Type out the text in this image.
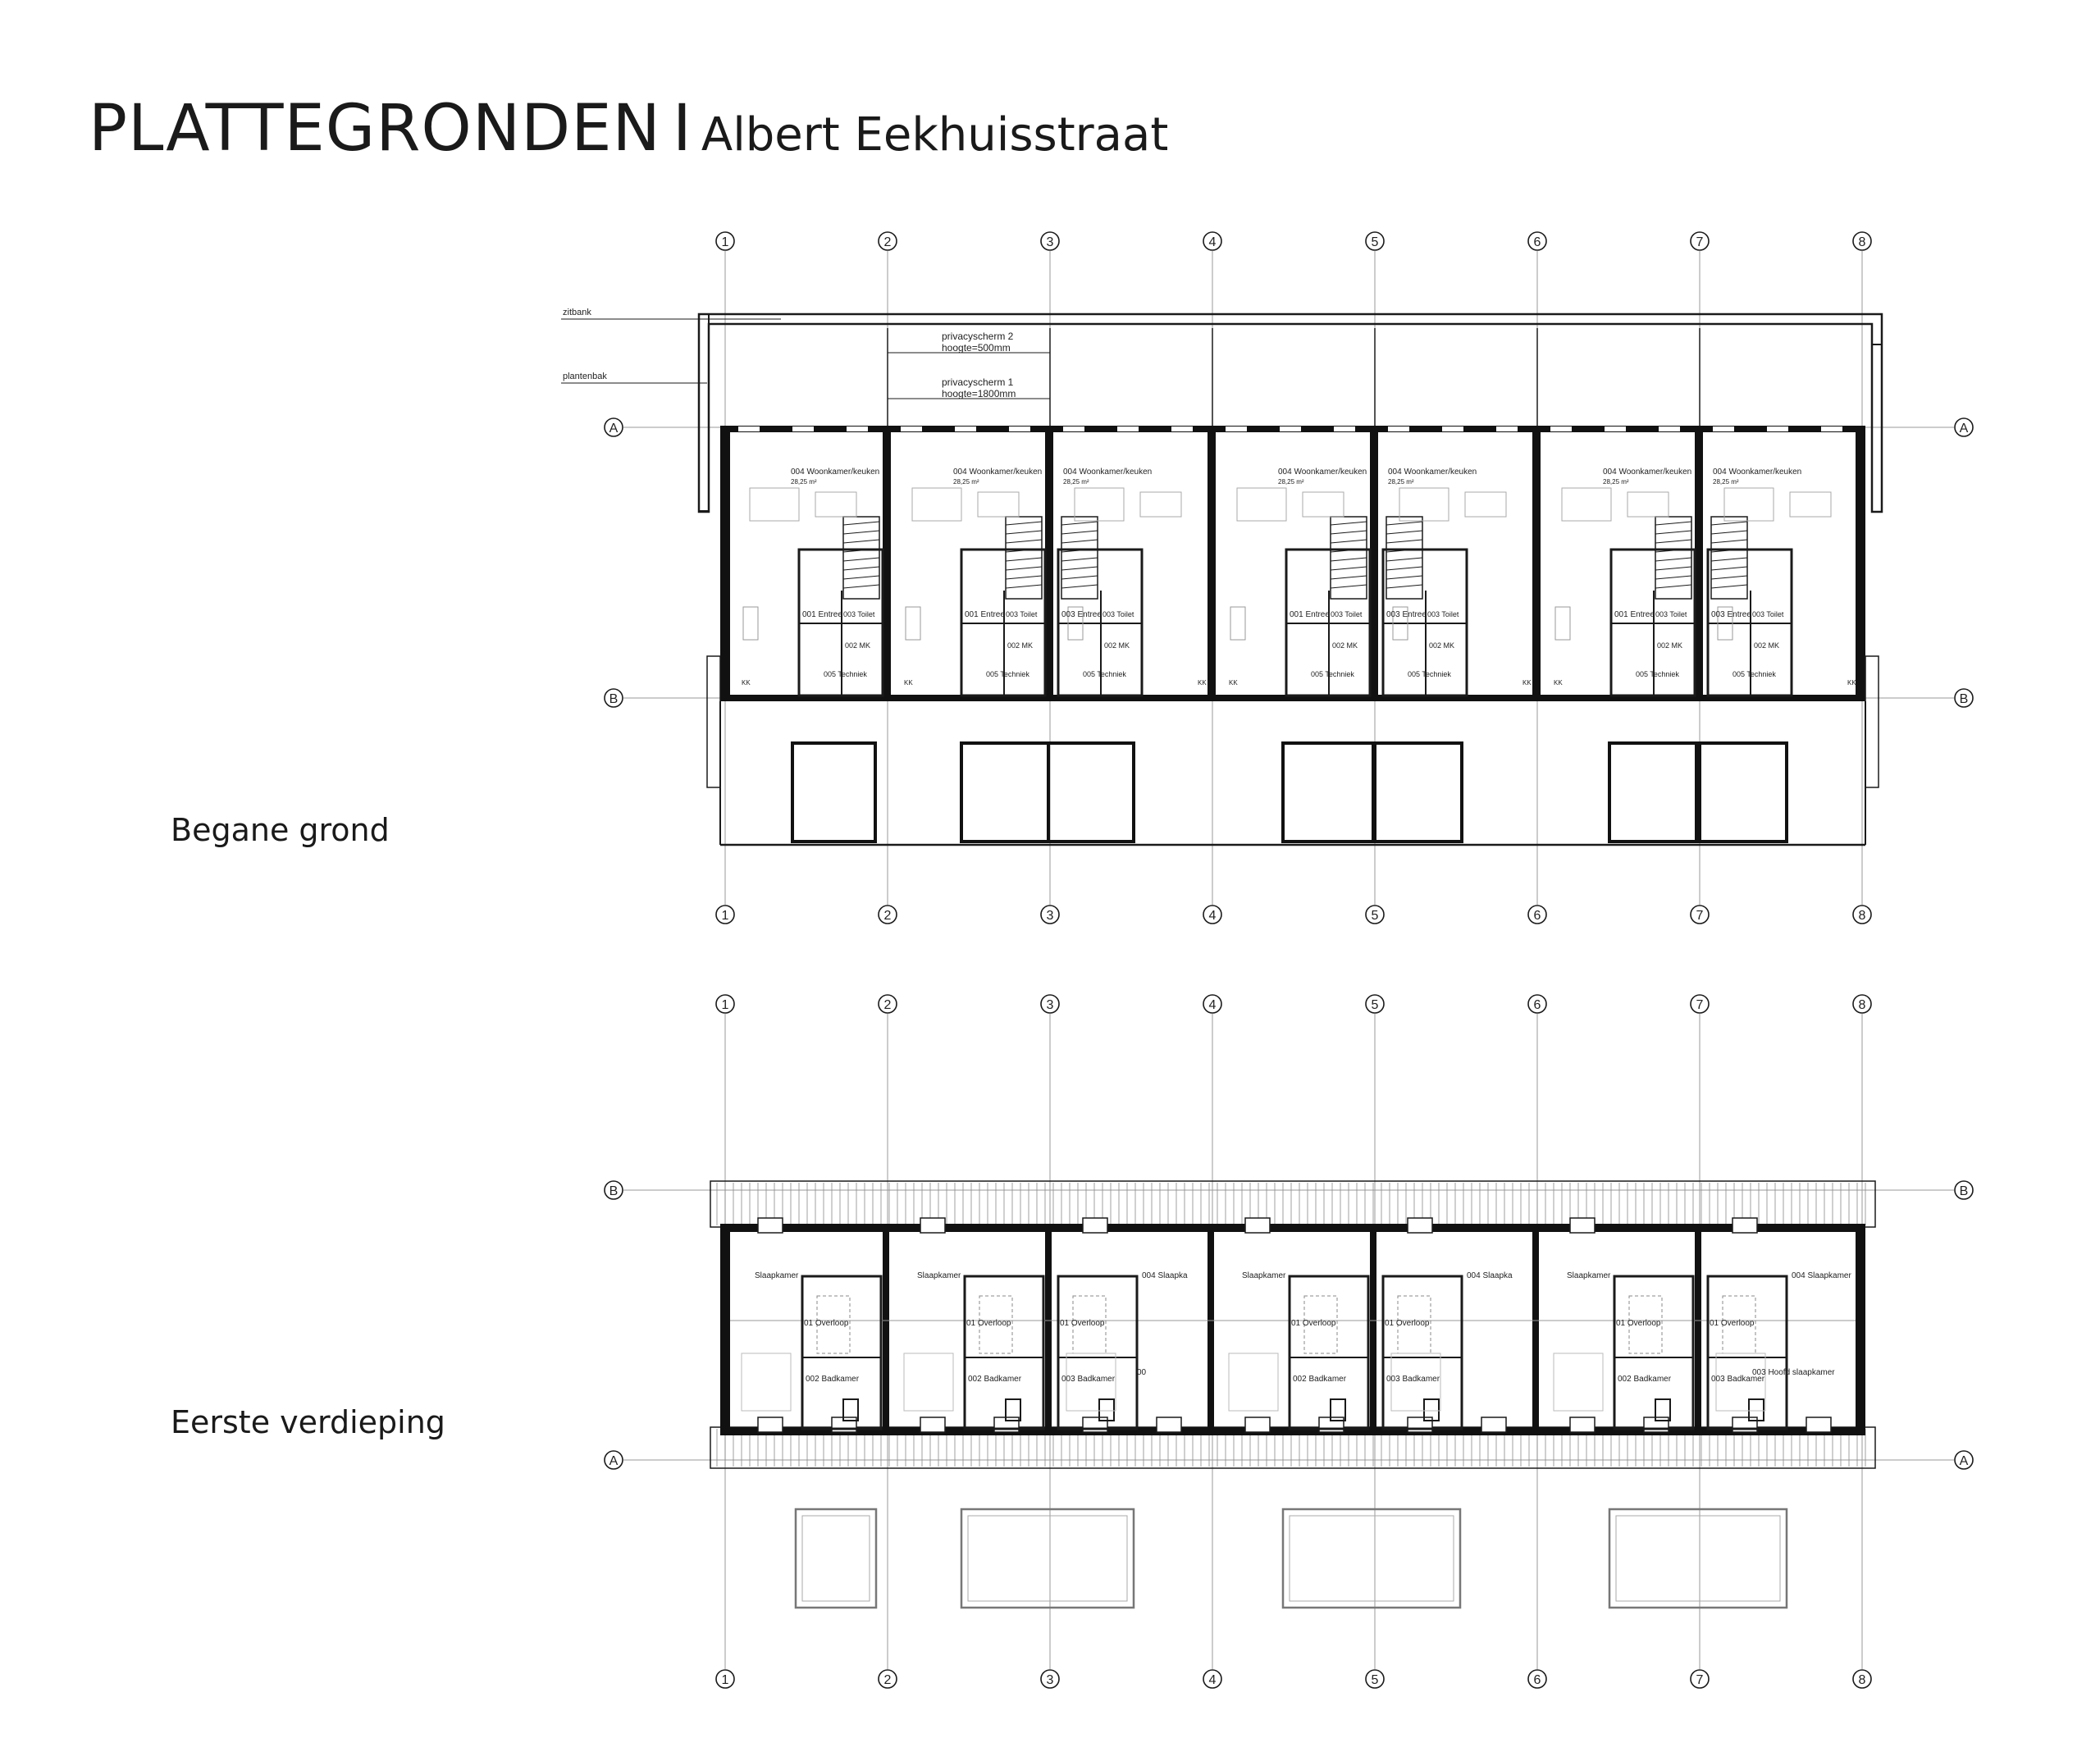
PLATTEGRONDEN I Albert Eekhuisstraat
Begane grond
Eerste verdieping
A	A
B	B
B	B
A	A
1	2	3	4	5	6	7	8
1	2	3	4	5	6	7	8
1	2	3	4	5	6	7	8
1	2	3	4	5	6	7	8
zitbank
plantenbak
privacyscherm 2
hoogte=500mm
privacyscherm 1
hoogte=1800mm
004 Woonkamer/keuken
28,25 m²
001 Entree 003 Toilet
002 MK
005 Techniek
KK
004 Woonkamer/keuken
28,25 m²
001 Entree 003 Toilet
002 MK
005 Techniek
KK
004 Woonkamer/keuken
28,25 m²
003 Entree 003 Toilet
002 MK
005 Techniek
KK
004 Woonkamer/keuken
28,25 m²
001 Entree 003 Toilet
002 MK
005 Techniek
KK
004 Woonkamer/keuken
28,25 m²
003 Entree 003 Toilet
002 MK
005 Techniek
KK
004 Woonkamer/keuken
28,25 m²
001 Entree 003 Toilet
002 MK
005 Techniek
KK
004 Woonkamer/keuken
28,25 m²
003 Entree 003 Toilet
002 MK
005 Techniek
KK
Slaapkamer
01 Overloop
002 Badkamer
Slaapkamer
01 Overloop
002 Badkamer
004 Slaapka
01 Overloop
003 Badkamer
Slaapkamer
01 Overloop
002 Badkamer
004 Slaapka
01 Overloop
003 Badkamer
Slaapkamer
01 Overloop
002 Badkamer
004 Slaapkamer
01 Overloop
003 Badkamer
003 Hoofd slaapkamer
00
